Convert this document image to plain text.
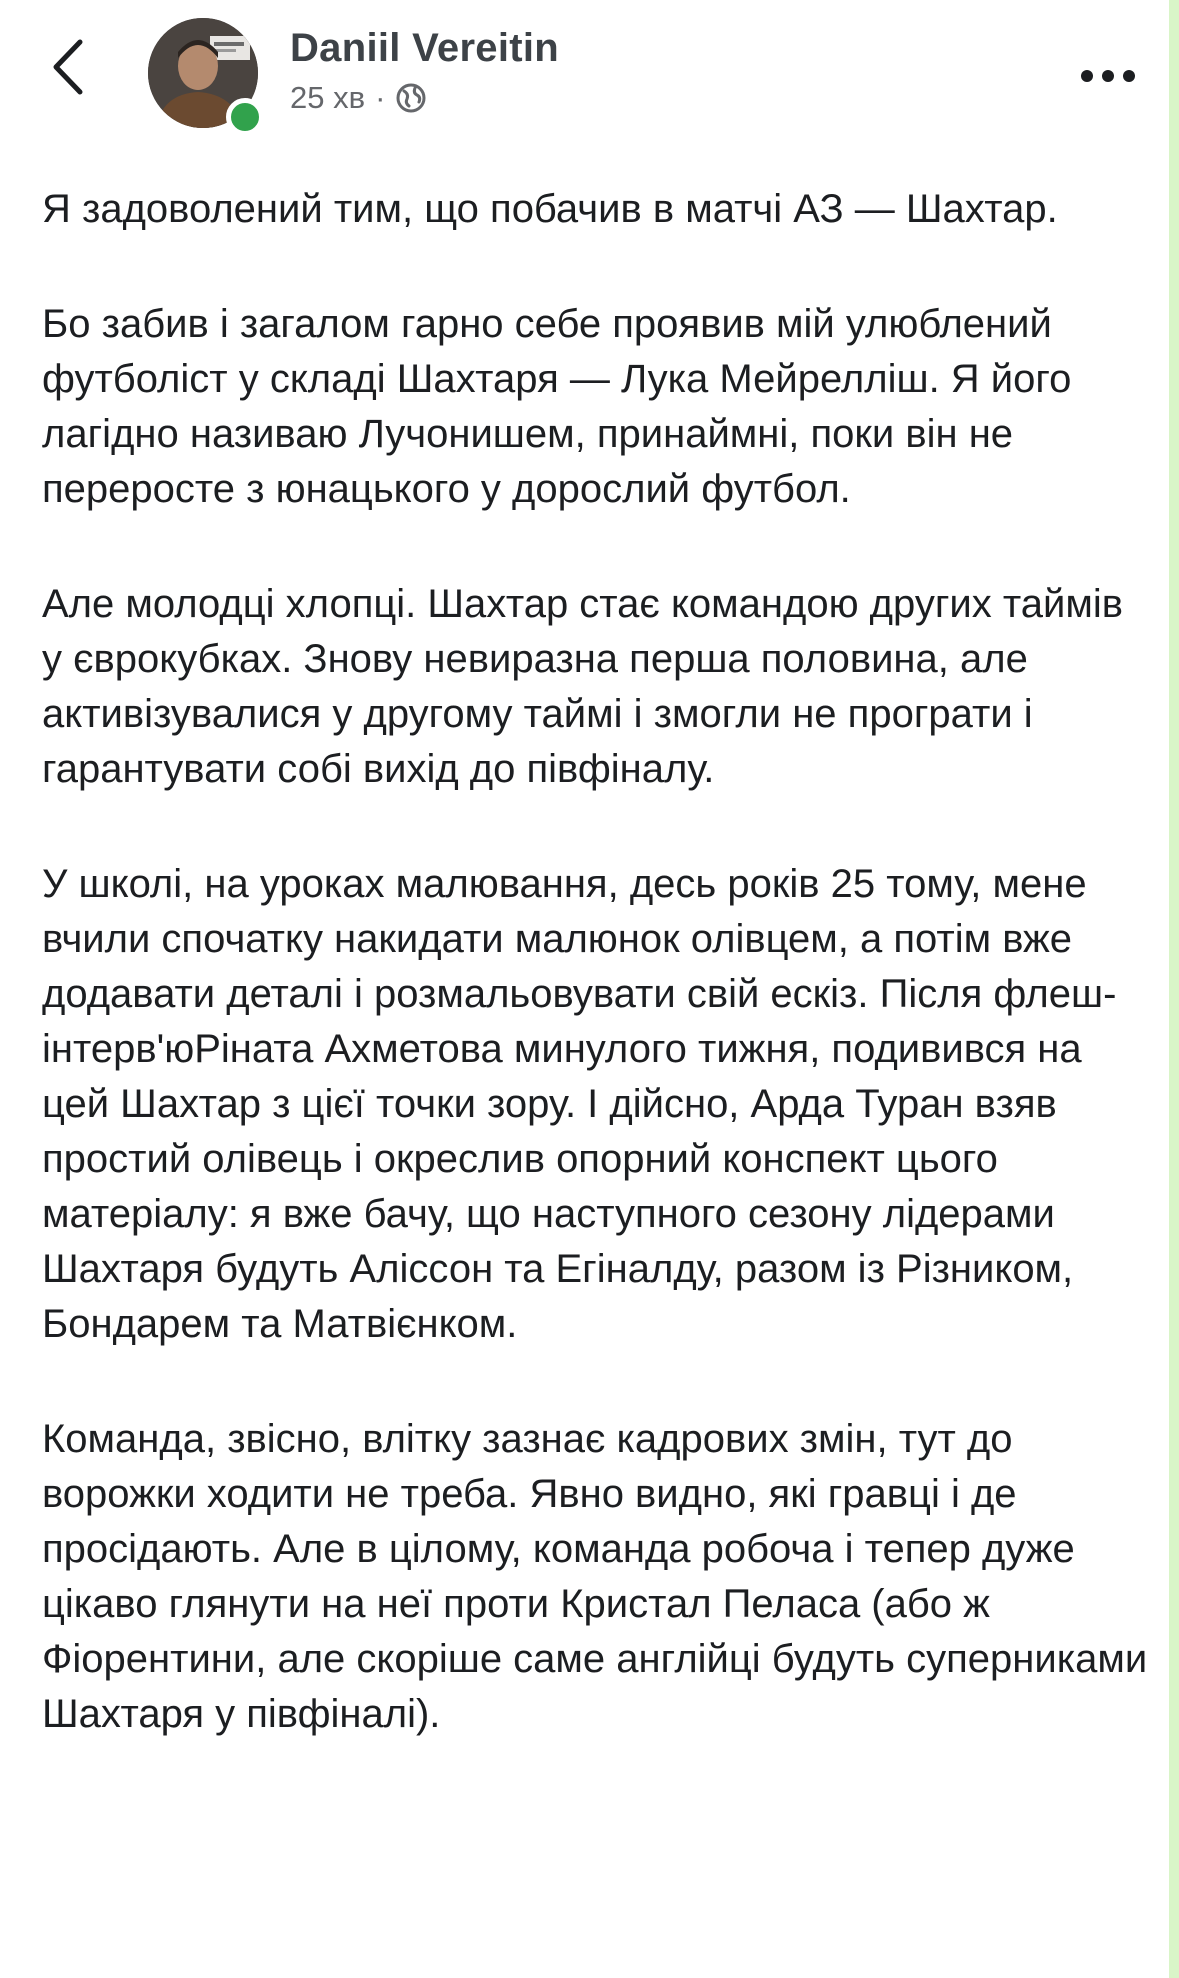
Daniil Vereitin
25 хв ·

Я задоволений тим, що побачив в матчі АЗ — Шахтар.

Бо забив і загалом гарно себе проявив мій улюблений футболіст у складі Шахтаря — Лука Мейреллiш. Я його лагідно називаю Лучонишем, принаймні, поки він не переросте з юнацького у дорослий футбол.

Але молодці хлопці. Шахтар стає командою других таймів у єврокубках. Знову невиразна перша половина, але активізувалися у другому таймі і змогли не програти і гарантувати собі вихід до півфіналу.

У школі, на уроках малювання, десь років 25 тому, мене вчили спочатку накидати малюнок олівцем, а потім вже додавати деталі і розмальовувати свій ескіз. Після флеш-інтерв'юРіната Ахметова минулого тижня, подивився на цей Шахтар з цієї точки зору. І дійсно, Арда Туран взяв простий олівець і окреслив опорний конспект цього матеріалу: я вже бачу, що наступного сезону лідерами Шахтаря будуть Аліссон та Егіналду, разом із Різником, Бондарем та Матвієнком.

Команда, звісно, влітку зазнає кадрових змін, тут до ворожки ходити не треба. Явно видно, які гравці і де просідають. Але в цілому, команда робоча і тепер дуже цікаво глянути на неї проти Кристал Пеласа (або ж Фіорентини, але скоріше саме англійці будуть суперниками Шахтаря у півфіналі).
